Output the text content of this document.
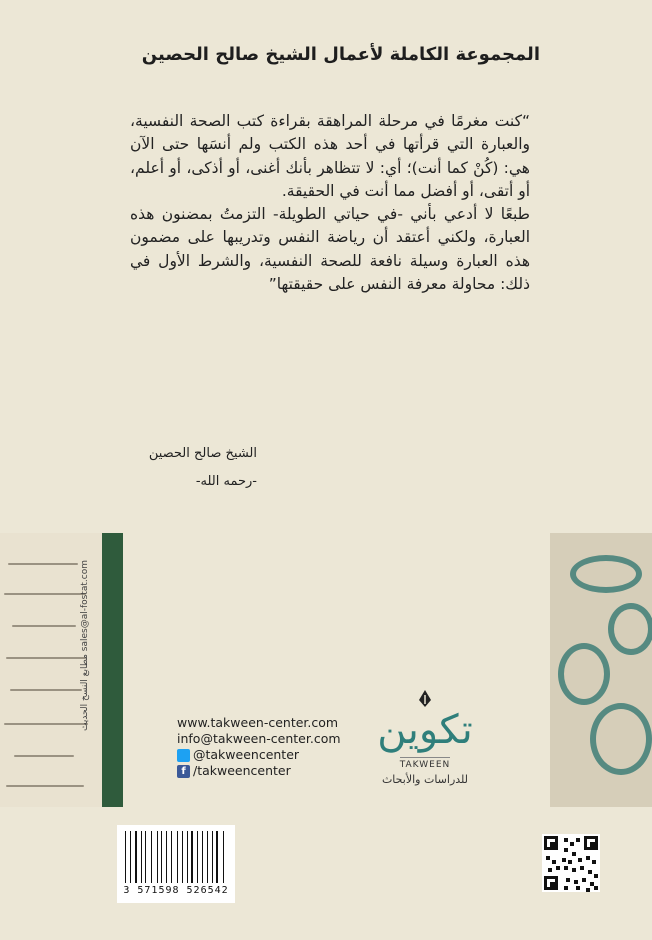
المجموعة الكاملة لأعمال الشيخ صالح الحصين

“كنت مغرمًا في مرحلة المراهقة بقراءة كتب الصحة النفسية، والعبارة التي قرأتها في أحد هذه الكتب ولم أنسَها حتى الآن هي: (كُنْ كما أنت)؛ أي: لا تتظاهر بأنك أغنى، أو أذكى، أو أعلم، أو أتقى، أو أفضل مما أنت في الحقيقة.

طبعًا لا أدعي بأني -في حياتي الطويلة- التزمتُ بمضنون هذه العبارة، ولكني أعتقد أن رياضة النفس وتدريبها على مضمون هذه العبارة وسيلة نافعة للصحة النفسية، والشرط الأول في ذلك: محاولة معرفة النفس على حقيقتها”

الشيخ صالح الحصين
-رحمه الله-
مطابع النسخ الحديث sales@al-fostat.com
www.takween-center.com
info@takween-center.com
@takweencenter
f /takweencenter
تكوين
TAKWEEN
للدراسات والأبحاث
3 571598 526542
